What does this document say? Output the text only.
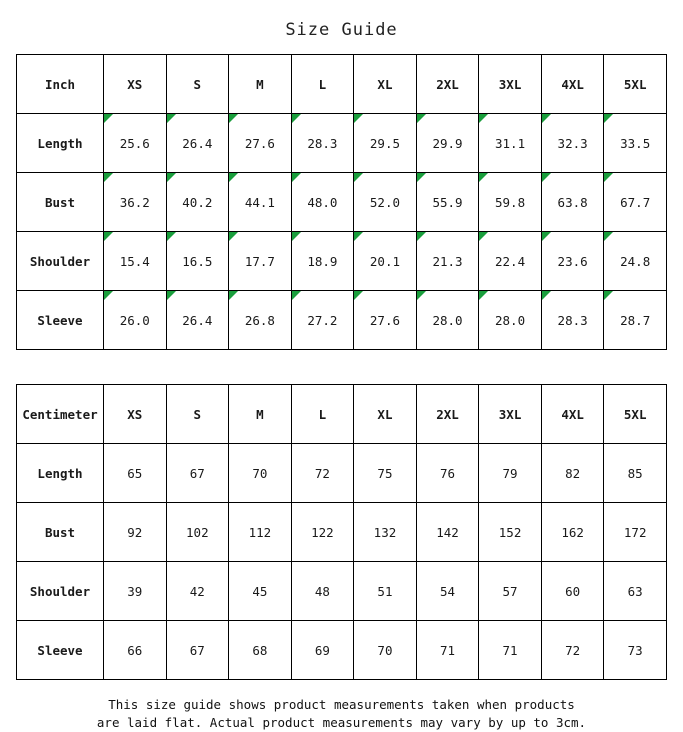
Size Guide
Inch	XS	S	M	L	XL	2XL	3XL	4XL	5XL
Length	25.6	26.4	27.6	28.3	29.5	29.9	31.1	32.3	33.5
Bust	36.2	40.2	44.1	48.0	52.0	55.9	59.8	63.8	67.7
Shoulder	15.4	16.5	17.7	18.9	20.1	21.3	22.4	23.6	24.8
Sleeve	26.0	26.4	26.8	27.2	27.6	28.0	28.0	28.3	28.7
Centimeter	XS	S	M	L	XL	2XL	3XL	4XL	5XL
Length	65	67	70	72	75	76	79	82	85
Bust	92	102	112	122	132	142	152	162	172
Shoulder	39	42	45	48	51	54	57	60	63
Sleeve	66	67	68	69	70	71	71	72	73
This size guide shows product measurements taken when products
are laid flat. Actual product measurements may vary by up to 3cm.
